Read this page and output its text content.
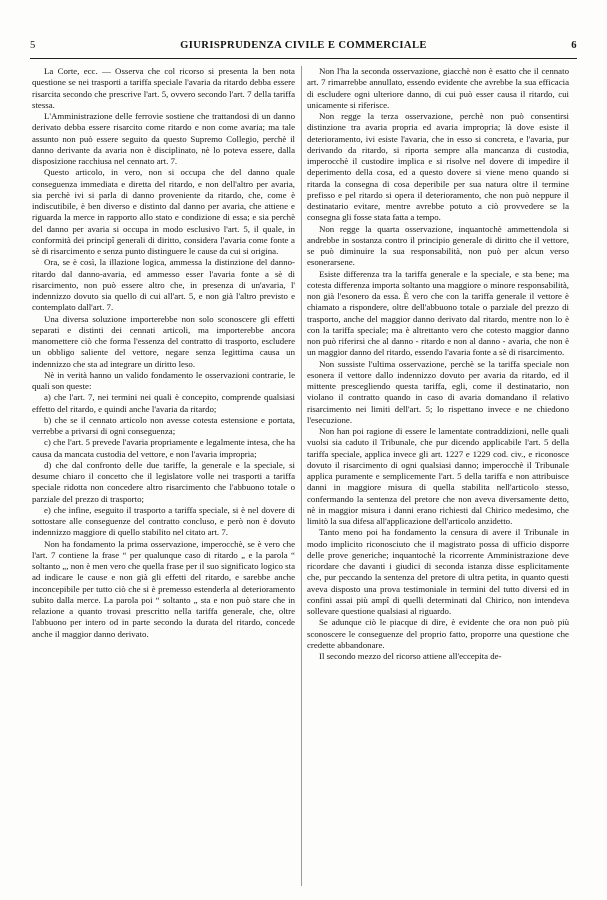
5	GIURISPRUDENZA CIVILE E COMMERCIALE	6

La Corte, ecc. — Osserva che col ricorso si presenta la ben nota questione se nei trasporti a tariffa speciale l'avaria da ritardo debba essere risarcita secondo che prescrive l'art. 5, ovvero secondo l'art. 7 della tariffa stessa.

L'Amministrazione delle ferrovie sostiene che trattandosi di un danno derivato debba essere risarcito come ritardo e non come avaria; ma tale assunto non può essere seguito da questo Supremo Collegio, perchè il danno derivante da avaria non è disciplinato, nè lo poteva essere, dalla disposizione racchiusa nel cennato art. 7.

Questo articolo, in vero, non si occupa che del danno quale conseguenza immediata e diretta del ritardo, e non dell'altro per avaria, sia perchè ivi si parla di danno proveniente da ritardo, che, come è indiscutibile, è ben diverso e distinto dal danno per avaria, che attiene e riguarda la merce in rapporto allo stato e condizione di essa; e sia perchè del danno per avaria si occupa in modo esclusivo l'art. 5, il quale, in conformità dei principî generali di diritto, considera l'avaria come fonte a sè di risarcimento e senza punto distinguere le cause da cui si origina.

Ora, se è così, la illazione logica, ammessa la distinzione del danno-ritardo dal danno-avaria, ed ammesso esser l'avaria fonte a sè di risarcimento, non può essere altro che, in presenza di un'avaria, l' indennizzo dovuto sia quello di cui all'art. 5, e non già l'altro previsto e contemplato dall'art. 7.

Una diversa soluzione importerebbe non solo sconoscere gli effetti separati e distinti dei cennati articoli, ma importerebbe ancora manomettere ciò che forma l'essenza del contratto di trasporto, escludere un obbligo saliente del vettore, negare senza legittima causa un indennizzo che sta ad integrare un diritto leso.

Nè in verità hanno un valido fondamento le osservazioni contrarie, le quali son queste:

a) che l'art. 7, nei termini nei quali è concepito, comprende qualsiasi effetto del ritardo, e quindi anche l'avaria da ritardo;

b) che se il cennato articolo non avesse cotesta estensione e portata, verrebbe a privarsi di ogni conseguenza;

c) che l'art. 5 prevede l'avaria propriamente e legalmente intesa, che ha causa da mancata custodia del vettore, e non l'avaria impropria;

d) che dal confronto delle due tariffe, la generale e la speciale, si desume chiaro il concetto che il legislatore volle nei trasporti a tariffa speciale ridotta non concedere altro risarcimento che l'abbuono totale o parziale del prezzo di trasporto;

e) che infine, eseguito il trasporto a tariffa speciale, si è nel dovere di sottostare alle conseguenze del contratto concluso, e però non è dovuto indennizzo maggiore di quello stabilito nel citato art. 7.

Non ha fondamento la prima osservazione, imperocchè, se è vero che l'art. 7 contiene la frase “ per qualunque caso di ritardo „ e la parola “ soltanto „, non è men vero che quella frase per il suo significato logico sta ad indicare le cause e non già gli effetti del ritardo, e sarebbe anche inconcepibile per tutto ciò che si è premesso estenderla al deterioramento subìto dalla merce. La parola poi “ soltanto „ sta e non può stare che in relazione a quanto trovasi prescritto nella tariffa generale, che, oltre l'abbuono per intero od in parte secondo la durata del ritardo, concede anche il maggior danno derivato.

Non l'ha la seconda osservazione, giacchè non è esatto che il cennato art. 7 rimarrebbe annullato, essendo evidente che avrebbe la sua efficacia di escludere ogni ulteriore danno, di cui può esser causa il ritardo, cui unicamente si riferisce.

Non regge la terza osservazione, perchè non può consentirsi distinzione tra avaria propria ed avaria impropria; là dove esiste il deterioramento, ivi esiste l'avaria, che in esso si concreta, e l'avaria, pur derivando da ritardo, si riporta sempre alla mancanza di custodia, imperocchè il custodire implica e si risolve nel dovere di impedire il deperimento della cosa, ed a questo dovere si viene meno quando si ritarda la consegna di cosa deperibile per sua natura oltre il termine prefisso e pel ritardo si opera il deterioramento, che non può neppure il destinatario evitare, mentre avrebbe potuto a ciò provvedere se la consegna gli fosse stata fatta a tempo.

Non regge la quarta osservazione, inquantochè ammettendola si andrebbe in sostanza contro il principio generale di diritto che il vettore, se può diminuire la sua responsabilità, non può per alcun verso esonerarsene.

Esiste differenza tra la tariffa generale e la speciale, e sta bene; ma cotesta differenza importa soltanto una maggiore o minore responsabilità, non già l'esonero da essa. È vero che con la tariffa generale il vettore è chiamato a rispondere, oltre dell'abbuono totale o parziale del prezzo di trasporto, anche del maggior danno derivato dal ritardo, mentre non lo è con la tariffa speciale; ma è altrettanto vero che cotesto maggior danno non può riferirsi che al danno - ritardo e non al danno - avaria, che non è un maggior danno del ritardo, essendo l'avaria fonte a sè di risarcimento.

Non sussiste l'ultima osservazione, perchè se la tariffa speciale non esonera il vettore dallo indennizzo dovuto per avaria da ritardo, ed il mittente prescegliendo questa tariffa, egli, come il destinatario, non violano il contratto quando in caso di avaria domandano il relativo risarcimento nei limiti dell'art. 5; lo rispettano invece e ne chiedono l'esecuzione.

Non han poi ragione di essere le lamentate contraddizioni, nelle quali vuolsi sia caduto il Tribunale, che pur dicendo applicabile l'art. 5 della tariffa speciale, applica invece gli art. 1227 e 1229 cod. civ., e riconosce dovuto il risarcimento di ogni qualsiasi danno; imperocchè il Tribunale applica puramente e semplicemente l'art. 5 della tariffa e non attribuisce danni in maggiore misura di quella stabilita nell'articolo stesso, confermando la sentenza del pretore che non aveva diversamente detto, nè in maggior misura i danni erano richiesti dal Chirico medesimo, che limitò la sua difesa all'applicazione dell'articolo anzidetto.

Tanto meno poi ha fondamento la censura di avere il Tribunale in modo implicito riconosciuto che il magistrato possa di ufficio disporre delle prove generiche; inquantochè la ricorrente Amministrazione deve ricordare che davanti i giudici di seconda istanza disse esplicitamente che, pur peccando la sentenza del pretore di ultra petita, in quanto questi aveva disposto una prova testimoniale in termini del tutto diversi ed in confini assai più ampî di quelli determinati dal Chirico, non intendeva sollevare questione qualsiasi al riguardo.

Se adunque ciò le piacque di dire, è evidente che ora non può più sconoscere le conseguenze del proprio fatto, proporre una questione che credette abbandonare.

Il secondo mezzo del ricorso attiene all'eccepita de-
